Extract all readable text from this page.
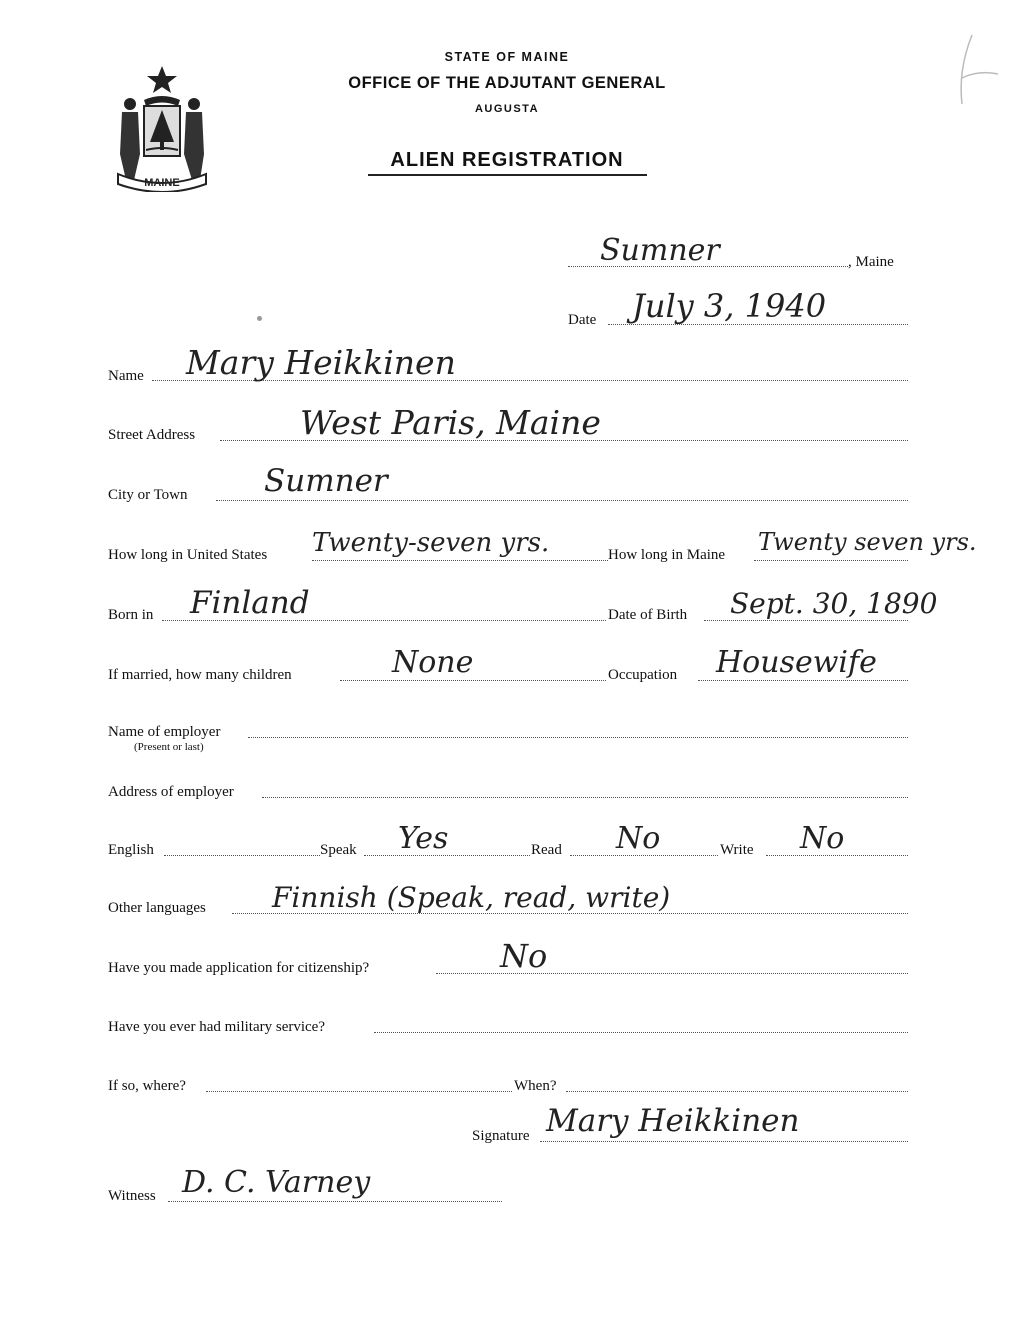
MAINE
STATE OF MAINE
OFFICE OF THE ADJUTANT GENERAL
AUGUSTA
ALIEN REGISTRATION
Sumner	, Maine
Date July 3, 1940
Name Mary Heikkinen
Street Address	West Paris, Maine
City or Town Sumner
How long in United States Twenty-seven yrs.	How long in Maine Twenty seven yrs.
Born in Finland	Date of Birth Sept. 30, 1890
If married, how many children	None	Occupation Housewife
Name of employer
(Present or last)
Address of employer
English	Speak Yes	Read No	Write No
Other languages Finnish (Speak, read, write)
Have you made application for citizenship?	No
Have you ever had military service?
If so, where?	When?
Signature Mary Heikkinen
Witness D. C. Varney
